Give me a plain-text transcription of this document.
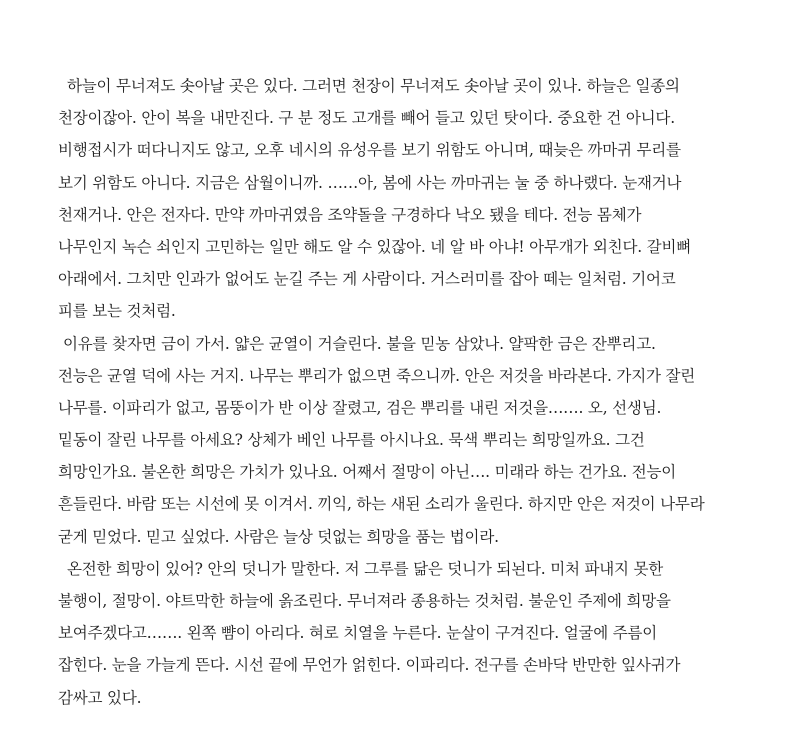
하늘이 무너져도 솟아날 곳은 있다. 그러면 천장이 무너져도 솟아날 곳이 있나. 하늘은 일종의
천장이잖아. 안이 복을 내만진다. 구 분 정도 고개를 빼어 들고 있던 탓이다. 중요한 건 아니다.
비행접시가 떠다니지도 않고, 오후 네시의 유성우를 보기 위함도 아니며, 때늦은 까마귀 무리를
보기 위함도 아니다. 지금은 삼월이니까. ……아, 봄에 사는 까마귀는 눌 중 하나랬다. 눈재거나
천재거나. 안은 전자다. 만약 까마귀였음 조약돌을 구경하다 낙오 됐을 테다. 전능 몸체가
나무인지 녹슨 쇠인지 고민하는 일만 해도 알 수 있잖아. 네 알 바 아냐! 아무개가 외친다. 갈비뼈
아래에서. 그치만 인과가 없어도 눈길 주는 게 사람이다. 거스러미를 잡아 떼는 일처럼. 기어코
피를 보는 것처럼.
이유를 찾자면 금이 가서. 얇은 균열이 거슬린다. 불을 믿농 삼았나. 얄팍한 금은 잔뿌리고.
전능은 균열 덕에 사는 거지. 나무는 뿌리가 없으면 죽으니까. 안은 저것을 바라본다. 가지가 잘린
나무를. 이파리가 없고, 몸뚱이가 반 이상 잘렸고, 검은 뿌리를 내린 저것을……. 오, 선생님.
밑동이 잘린 나무를 아세요? 상체가 베인 나무를 아시나요. 묵색 뿌리는 희망일까요. 그건
희망인가요. 불온한 희망은 가치가 있나요. 어째서 절망이 아닌…. 미래라 하는 건가요. 전능이
흔들린다. 바람 또는 시선에 못 이겨서. 끼익, 하는 새된 소리가 울린다. 하지만 안은 저것이 나무라
굳게 믿었다. 믿고 싶었다. 사람은 늘상 덧없는 희망을 품는 법이라.
온전한 희망이 있어? 안의 덧니가 말한다. 저 그루를 닮은 덧니가 되뇐다. 미처 파내지 못한
불행이, 절망이. 야트막한 하늘에 옭조린다. 무너져라 종용하는 것처럼. 불운인 주제에 희망을
보여주겠다고……. 왼쪽 뺨이 아리다. 혀로 치열을 누른다. 눈살이 구겨진다. 얼굴에 주름이
잡힌다. 눈을 가늘게 뜬다. 시선 끝에 무언가 얽힌다. 이파리다. 전구를 손바닥 반만한 잎사귀가
감싸고 있다.
